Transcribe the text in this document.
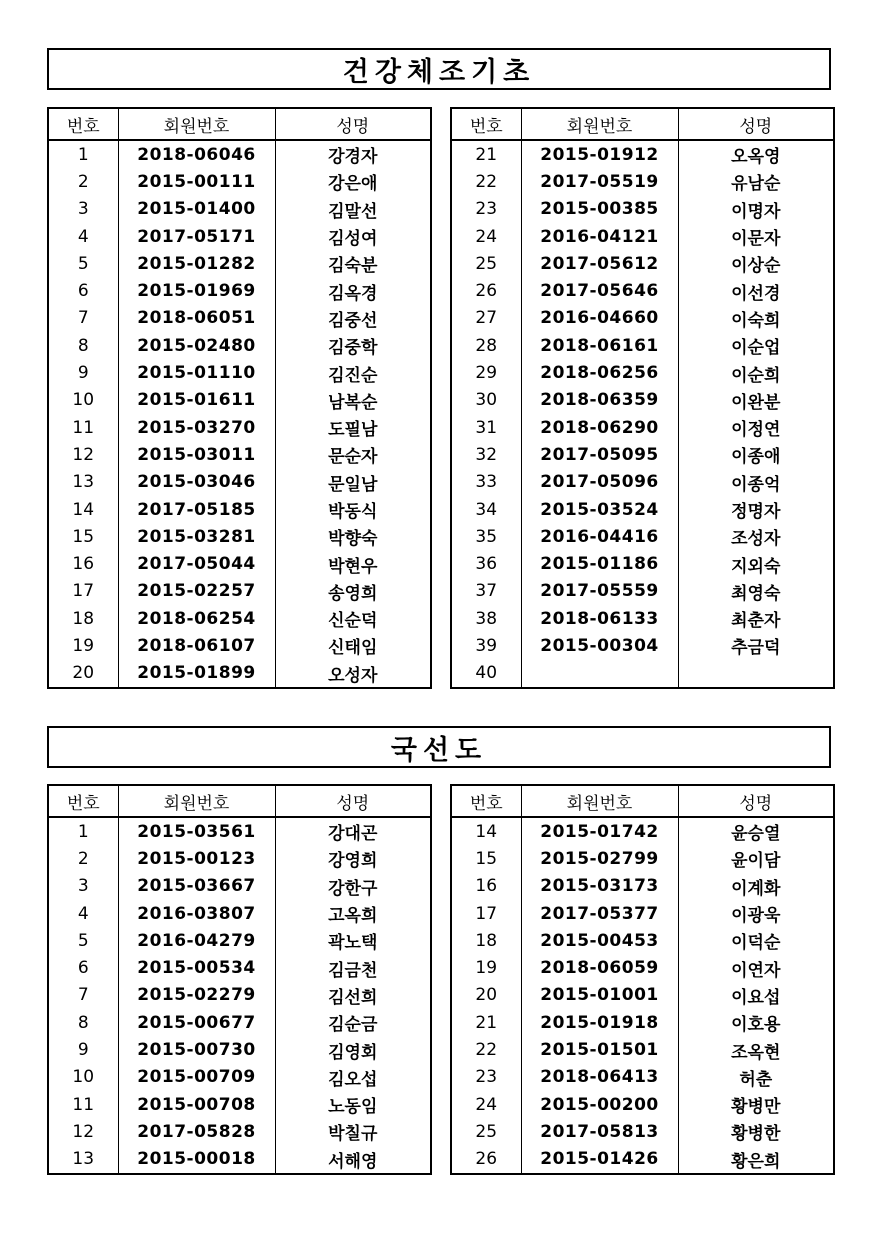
건강체조기초
번호	회원번호	성명
1	2018-06046	강경자
2	2015-00111	강은애
3	2015-01400	김말선
4	2017-05171	김성여
5	2015-01282	김숙분
6	2015-01969	김옥경
7	2018-06051	김중선
8	2015-02480	김중학
9	2015-01110	김진순
10	2015-01611	남복순
11	2015-03270	도필남
12	2015-03011	문순자
13	2015-03046	문일남
14	2017-05185	박동식
15	2015-03281	박향숙
16	2017-05044	박현우
17	2015-02257	송영희
18	2018-06254	신순덕
19	2018-06107	신태임
20	2015-01899	오성자
번호	회원번호	성명
21	2015-01912	오옥영
22	2017-05519	유남순
23	2015-00385	이명자
24	2016-04121	이문자
25	2017-05612	이상순
26	2017-05646	이선경
27	2016-04660	이숙희
28	2018-06161	이순업
29	2018-06256	이순희
30	2018-06359	이완분
31	2018-06290	이정연
32	2017-05095	이종애
33	2017-05096	이종억
34	2015-03524	정명자
35	2016-04416	조성자
36	2015-01186	지외숙
37	2017-05559	최영숙
38	2018-06133	최춘자
39	2015-00304	추금덕
40		
국선도
번호	회원번호	성명
1	2015-03561	강대곤
2	2015-00123	강영희
3	2015-03667	강한구
4	2016-03807	고옥희
5	2016-04279	곽노택
6	2015-00534	김금천
7	2015-02279	김선희
8	2015-00677	김순금
9	2015-00730	김영회
10	2015-00709	김오섭
11	2015-00708	노동임
12	2017-05828	박칠규
13	2015-00018	서해영
번호	회원번호	성명
14	2015-01742	윤승열
15	2015-02799	윤이담
16	2015-03173	이계화
17	2017-05377	이광욱
18	2015-00453	이덕순
19	2018-06059	이연자
20	2015-01001	이요섭
21	2015-01918	이호용
22	2015-01501	조옥현
23	2018-06413	허춘
24	2015-00200	황병만
25	2017-05813	황병한
26	2015-01426	황은희
